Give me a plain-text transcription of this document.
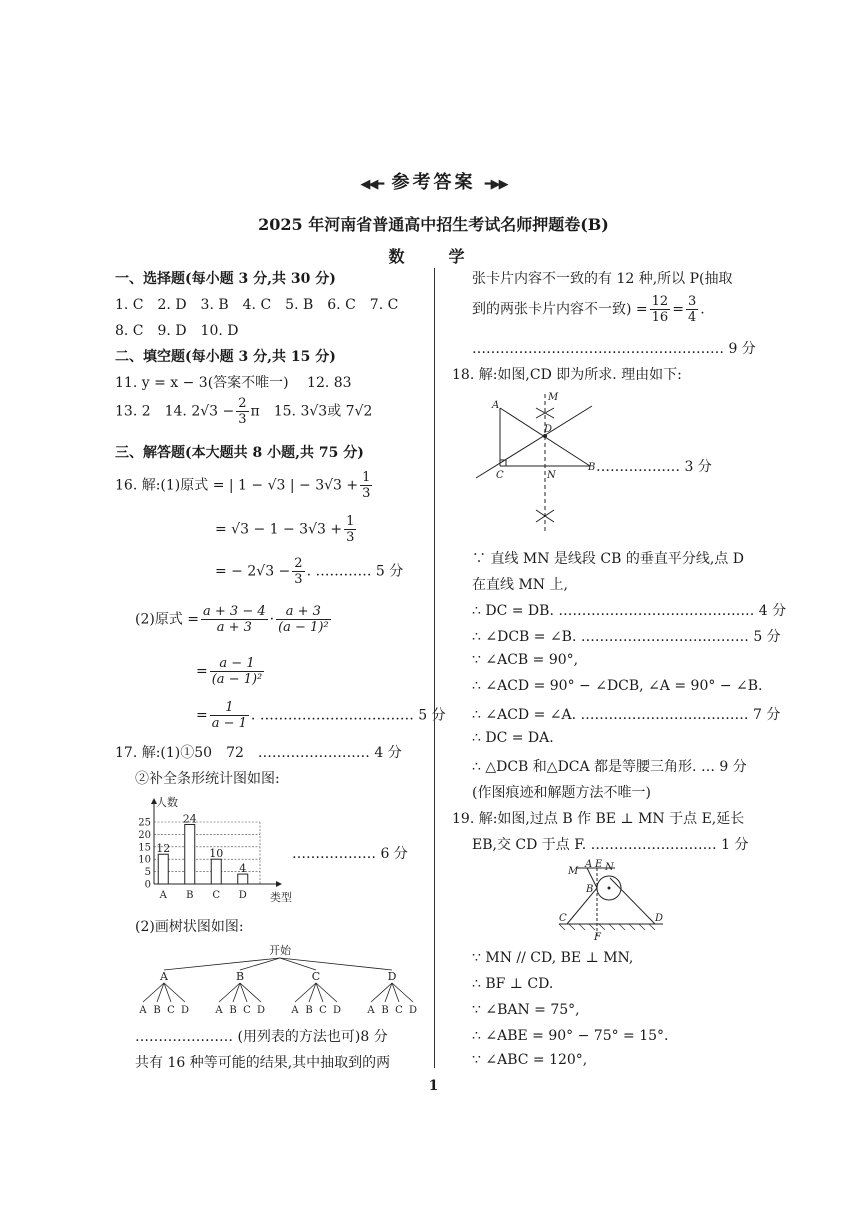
◀◀━ 参考答案 ━▶▶
2025 年河南省普通高中招生考试名师押题卷(B)
数　学
一、选择题(每小题 3 分,共 30 分)
1. C　2. D　3. B　4. C　5. B　6. C　7. C
8. C　9. D　10. D
二、填空题(每小题 3 分,共 15 分)
11. y = x − 3(答案不唯一)　 12. 83
13. 2　14. $2√3 - \frac{2}{3}$ π　15. 3√3或 7√2
三、解答题(本大题共 8 小题,共 75 分)
16. 解:(1)原式 = | 1 − √3 | − $3√3 + \frac{1}{3}$
= $√3 - 1 - 3√3 + \frac{1}{3}$
= − $2√3 - \frac{2}{3}$ . ………… 5 分
(2)原式 = $\frac{a + 3 - 4}{a + 3} \cdot \frac{a + 3}{\text{(a − 1)²}}$
= $\frac{a - 1}{\text{(a − 1)²}}$
= $\frac{1}{a - 1}$ . …………………………… 5 分
17. 解:(1)①50　72　…………………… 4 分
②补全条形统计图如图:
0
5
10
15
20
25
12
A
24
B
10
C
4
D
人数
类型
……………… 6 分
(2)画树状图如图:
开始
A
A B C D
B
A B C D
C
A B C D
D
A B C D
………………… (用列表的方法也可)8 分
共有 16 种等可能的结果,其中抽取到的两
张卡片内容不一致的有 12 种,所以 P(抽取
到的两张卡片内容不一致) = $\frac{12}{16} = \frac{3}{4}$ .
……………………………………………… 9 分
18. 解:如图,CD 即为所求. 理由如下:
A
B
C
D
M
N
……………… 3 分
∵ 直线 MN 是线段 CB 的垂直平分线,点 D
在直线 MN 上,
∴ DC = DB. …………………………………… 4 分
∴ ∠DCB = ∠B. ……………………………… 5 分
∵ ∠ACB = 90°,
∴ ∠ACD = 90° − ∠DCB, ∠A = 90° − ∠B.
∴ ∠ACD = ∠A. ……………………………… 7 分
∴ DC = DA.
∴ △DCB 和△DCA 都是等腰三角形. … 9 分
(作图痕迹和解题方法不唯一)
19. 解:如图,过点 B 作 BE ⊥ MN 于点 E,延长
EB,交 CD 于点 F. ……………………… 1 分
M
A E N
B
C	D
F
∵ MN // CD, BE ⊥ MN,
∴ BF ⊥ CD.
∵ ∠BAN = 75°,
∴ ∠ABE = 90° − 75° = 15°.
∵ ∠ABC = 120°,
1
